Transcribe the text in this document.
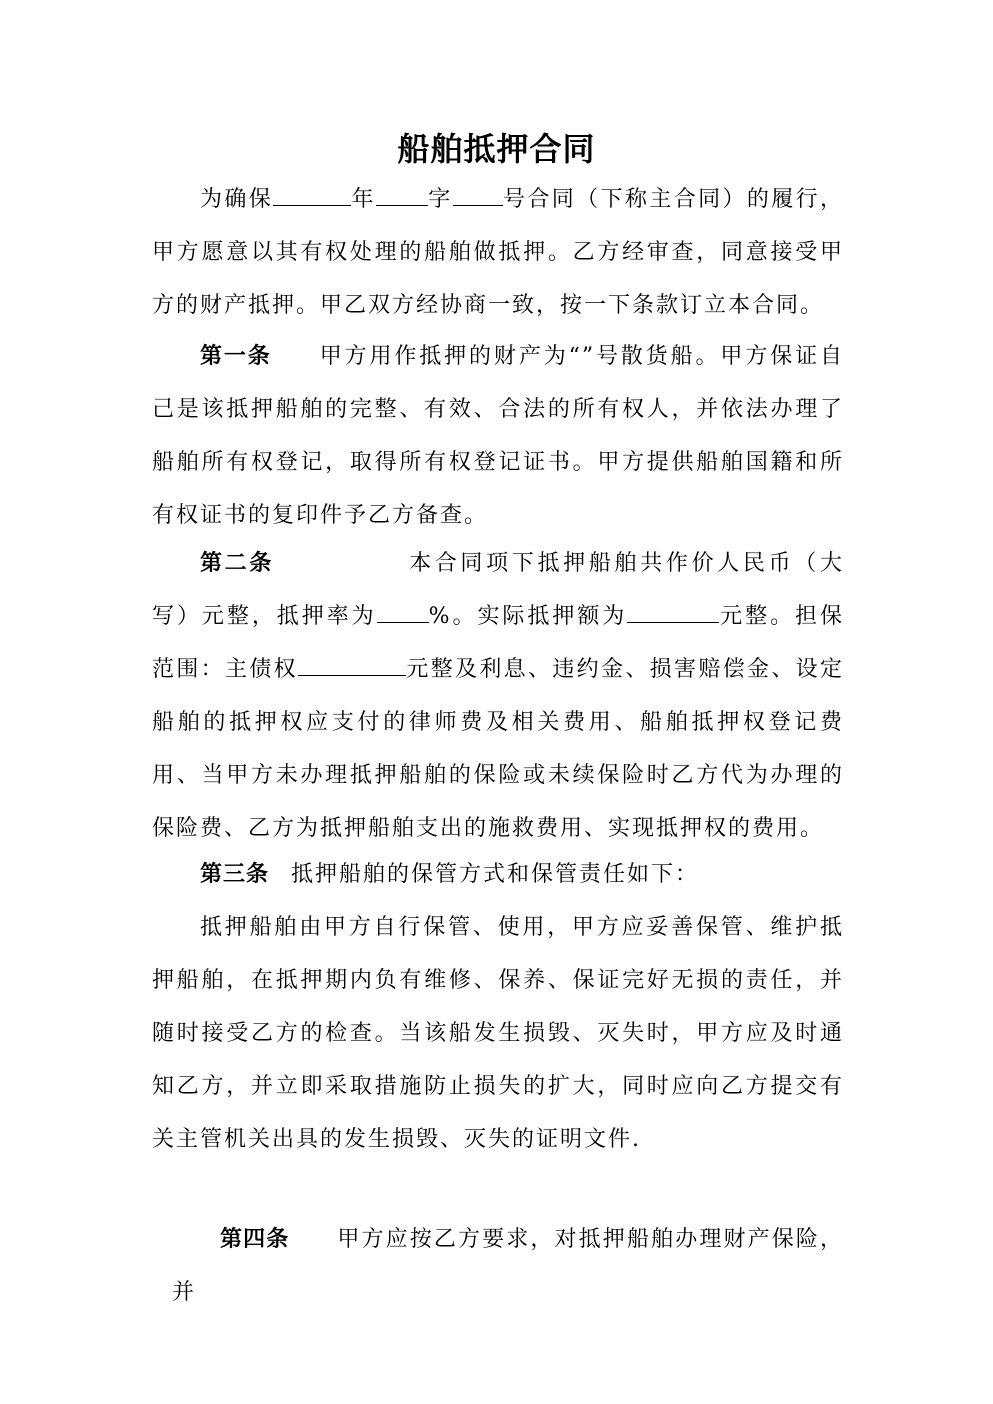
船舶抵押合同

为确保	年 字 号合同（下称主合同）的履行，甲方愿意以其有权处理的船舶做抵押。乙方经审查，同意接受甲方的财产抵押。甲乙双方经协商一致，按一下条款订立本合同。

第一条 甲方用作抵押的财产为“”号散货船。甲方保证自己是该抵押船舶的完整、有效、合法的所有权人，并依法办理了船舶所有权登记，取得所有权登记证书。甲方提供船舶国籍和所有权证书的复印件予乙方备查。

第二条	本合同项下抵押船舶共作价人民币（大写）元整，抵押率为 %。实际抵押额为	元整。担保范围：主债权	元整及利息、违约金、损害赔偿金、设定船舶的抵押权应支付的律师费及相关费用、船舶抵押权登记费用、当甲方未办理抵押船舶的保险或未续保险时乙方代为办理的保险费、乙方为抵押船舶支出的施救费用、实现抵押权的费用。

第三条 抵押船舶的保管方式和保管责任如下：

抵押船舶由甲方自行保管、使用，甲方应妥善保管、维护抵押船舶，在抵押期内负有维修、保养、保证完好无损的责任，并随时接受乙方的检查。当该船发生损毁、灭失时，甲方应及时通知乙方，并立即采取措施防止损失的扩大，同时应向乙方提交有关主管机关出具的发生损毁、灭失的证明文件.

第四条 甲方应按乙方要求，对抵押船舶办理财产保险，并
